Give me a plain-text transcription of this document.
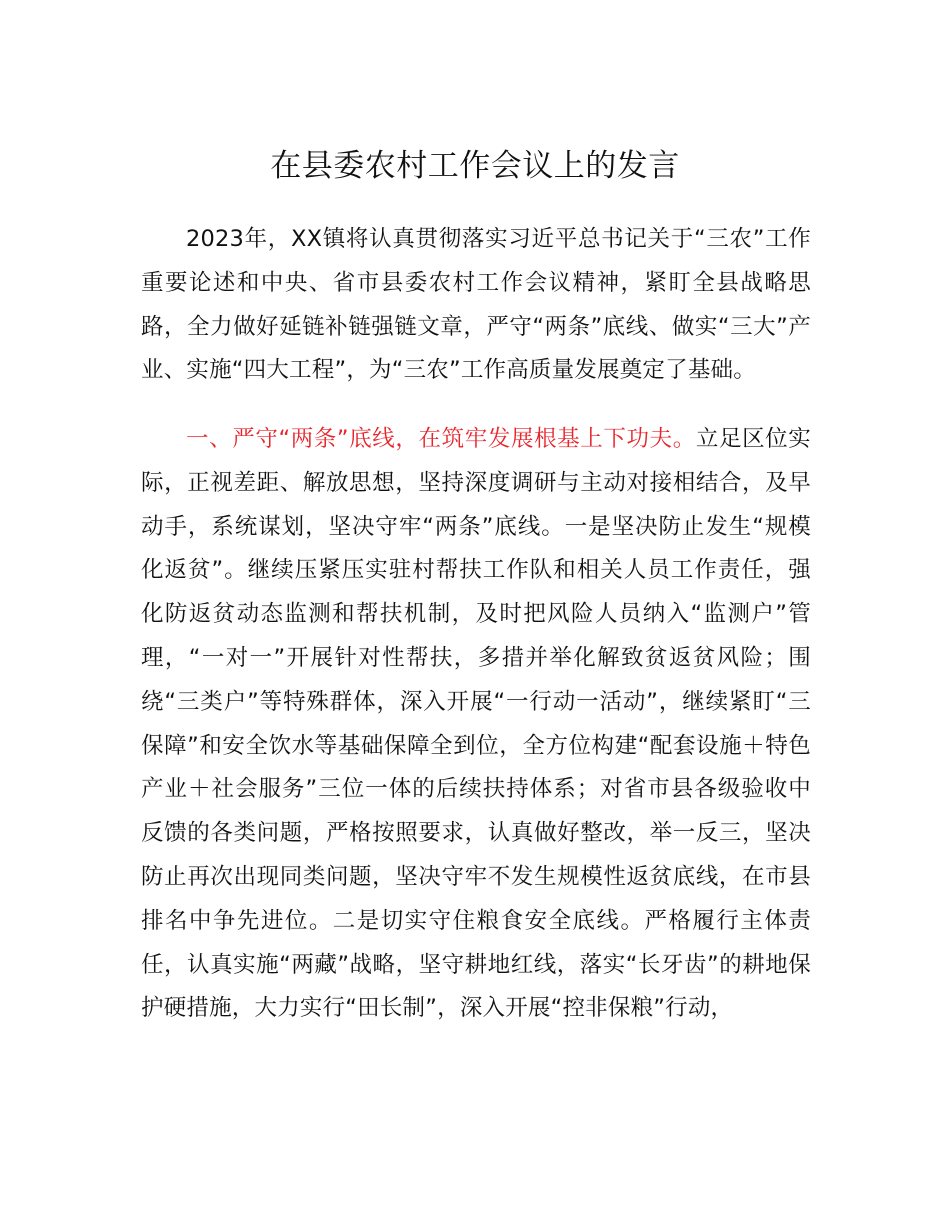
在县委农村工作会议上的发言

2023年，XX镇将认真贯彻落实习近平总书记关于“三农”工作重要论述和中央、省市县委农村工作会议精神，紧盯全县战略思路，全力做好延链补链强链文章，严守“两条”底线、做实“三大”产业、实施“四大工程”，为“三农”工作高质量发展奠定了基础。

一、严守“两条”底线，在筑牢发展根基上下功夫。立足区位实际，正视差距、解放思想，坚持深度调研与主动对接相结合，及早动手，系统谋划，坚决守牢“两条”底线。一是坚决防止发生“规模化返贫”。继续压紧压实驻村帮扶工作队和相关人员工作责任，强化防返贫动态监测和帮扶机制，及时把风险人员纳入“监测户”管理，“一对一”开展针对性帮扶，多措并举化解致贫返贫风险；围绕“三类户”等特殊群体，深入开展“一行动一活动”，继续紧盯“三保障”和安全饮水等基础保障全到位，全方位构建“配套设施＋特色产业＋社会服务”三位一体的后续扶持体系；对省市县各级验收中反馈的各类问题，严格按照要求，认真做好整改，举一反三，坚决防止再次出现同类问题，坚决守牢不发生规模性返贫底线，在市县排名中争先进位。二是切实守住粮食安全底线。严格履行主体责任，认真实施“两藏”战略，坚守耕地红线，落实“长牙齿”的耕地保护硬措施，大力实行“田长制”，深入开展“控非保粮”行动，
